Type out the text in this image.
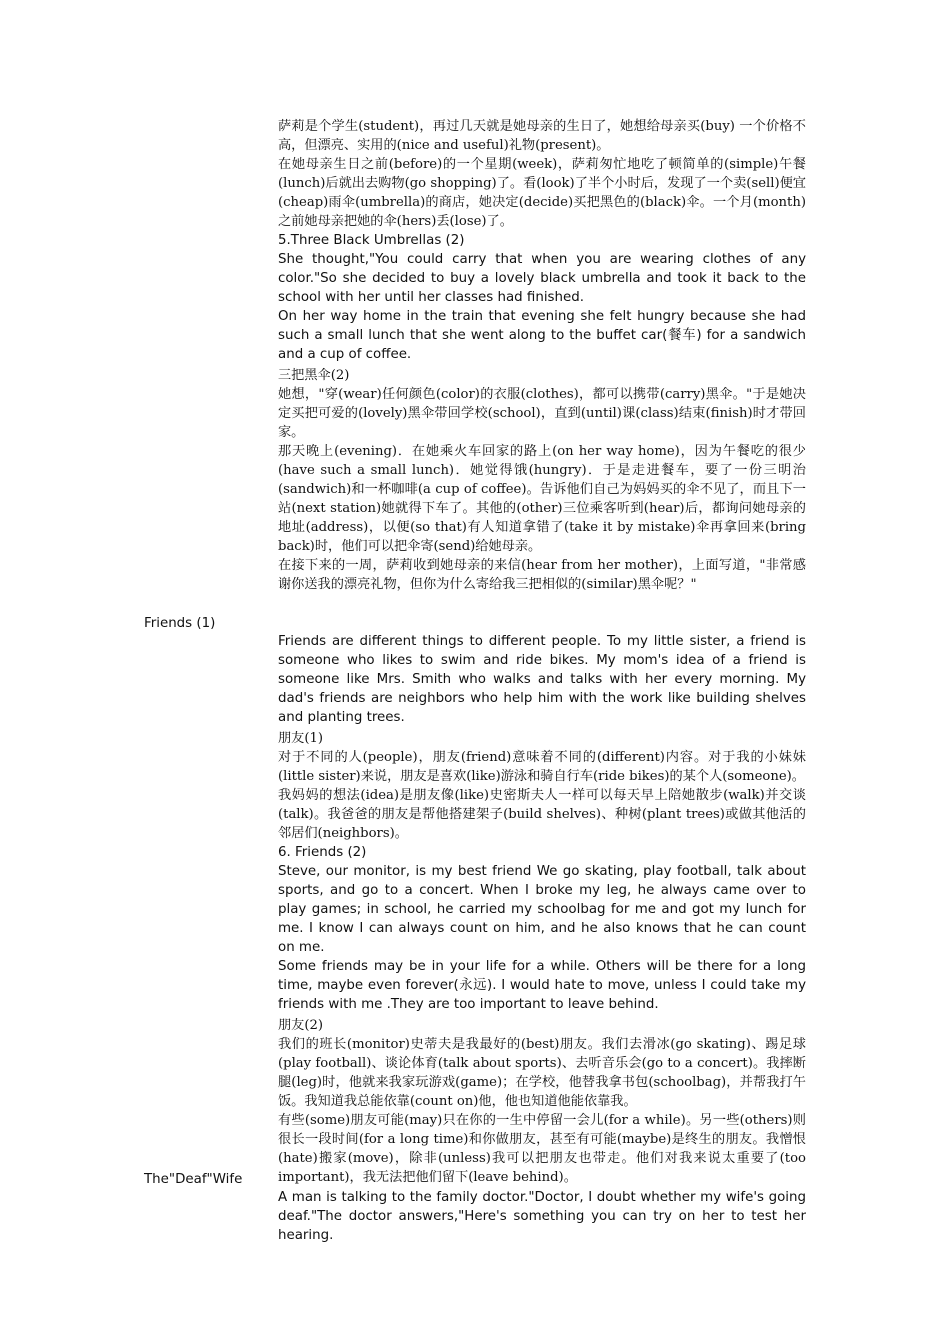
萨莉是个学生(student)，再过几天就是她母亲的生日了，她想给母亲买(buy) 一个价格不高，但漂亮、实用的(nice and useful)礼物(present)。

在她母亲生日之前(before)的一个星期(week)，萨莉匆忙地吃了顿简单的(simple)午餐(lunch)后就出去购物(go shopping)了。看(look)了半个小时后，发现了一个卖(sell)便宜(cheap)雨伞(umbrella)的商店，她决定(decide)买把黑色的(black)伞。一个月(month)之前她母亲把她的伞(hers)丢(lose)了。

5.Three Black Umbrellas (2)

She thought,"You could carry that when you are wearing clothes of any color."So she decided to buy a lovely black umbrella and took it back to the school with her until her classes had finished.

On her way home in the train that evening she felt hungry because she had such a small lunch that she went along to the buffet car(餐车) for a sandwich and a cup of coffee.

三把黑伞(2)

她想，"穿(wear)任何颜色(color)的衣服(clothes)，都可以携带(carry)黑伞。"于是她决定买把可爱的(lovely)黑伞带回学校(school)，直到(until)课(class)结束(finish)时才带回家。

那天晚上(evening)．在她乘火车回家的路上(on her way home)，因为午餐吃的很少(have such a small lunch)．她觉得饿(hungry)．于是走进餐车，要了一份三明治(sandwich)和一杯咖啡(a cup of coffee)。告诉他们自己为妈妈买的伞不见了，而且下一站(next station)她就得下车了。其他的(other)三位乘客听到(hear)后，都询问她母亲的地址(address)，以便(so that)有人知道拿错了(take it by mistake)伞再拿回来(bring back)时，他们可以把伞寄(send)给她母亲。

在接下来的一周，萨莉收到她母亲的来信(hear from her mother)，上面写道，"非常感谢你送我的漂亮礼物，但你为什么寄给我三把相似的(similar)黑伞呢？"

Friends (1)

Friends are different things to different people. To my little sister, a friend is someone who likes to swim and ride bikes. My mom's idea of a friend is someone like Mrs. Smith who walks and talks with her every morning. My dad's friends are neighbors who help him with the work like building shelves and planting trees.

朋友(1)

对于不同的人(people)，朋友(friend)意味着不同的(different)内容。对于我的小妹妹(little sister)来说，朋友是喜欢(like)游泳和骑自行车(ride bikes)的某个人(someone)。

我妈妈的想法(idea)是朋友像(like)史密斯夫人一样可以每天早上陪她散步(walk)并交谈(talk)。我爸爸的朋友是帮他搭建架子(build shelves)、种树(plant trees)或做其他活的邻居们(neighbors)。

6. Friends (2)

Steve, our monitor, is my best friend We go skating, play football, talk about sports, and go to a concert. When I broke my leg, he always came over to play games; in school, he carried my schoolbag for me and got my lunch for me. I know I can always count on him, and he also knows that he can count on me.

Some friends may be in your life for a while. Others will be there for a long time, maybe even forever(永远). I would hate to move, unless I could take my friends with me .They are too important to leave behind.

朋友(2)

我们的班长(monitor)史蒂夫是我最好的(best)朋友。我们去滑冰(go skating)、踢足球(play football)、谈论体育(talk about sports)、去听音乐会(go to a concert)。我摔断腿(leg)时，他就来我家玩游戏(game)；在学校，他替我拿书包(schoolbag)，并帮我打午饭。我知道我总能依靠(count on)他，他也知道他能依靠我。

有些(some)朋友可能(may)只在你的一生中停留一会儿(for a while)。另一些(others)则很长一段时间(for a long time)和你做朋友，甚至有可能(maybe)是终生的朋友。我憎恨(hate)搬家(move)，除非(unless)我可以把朋友也带走。他们对我来说太重要了(too important)，我无法把他们留下(leave behind)。

The"Deaf"Wife

A man is talking to the family doctor."Doctor, I doubt whether my wife's going deaf."The doctor answers,"Here's something you can try on her to test her hearing.
